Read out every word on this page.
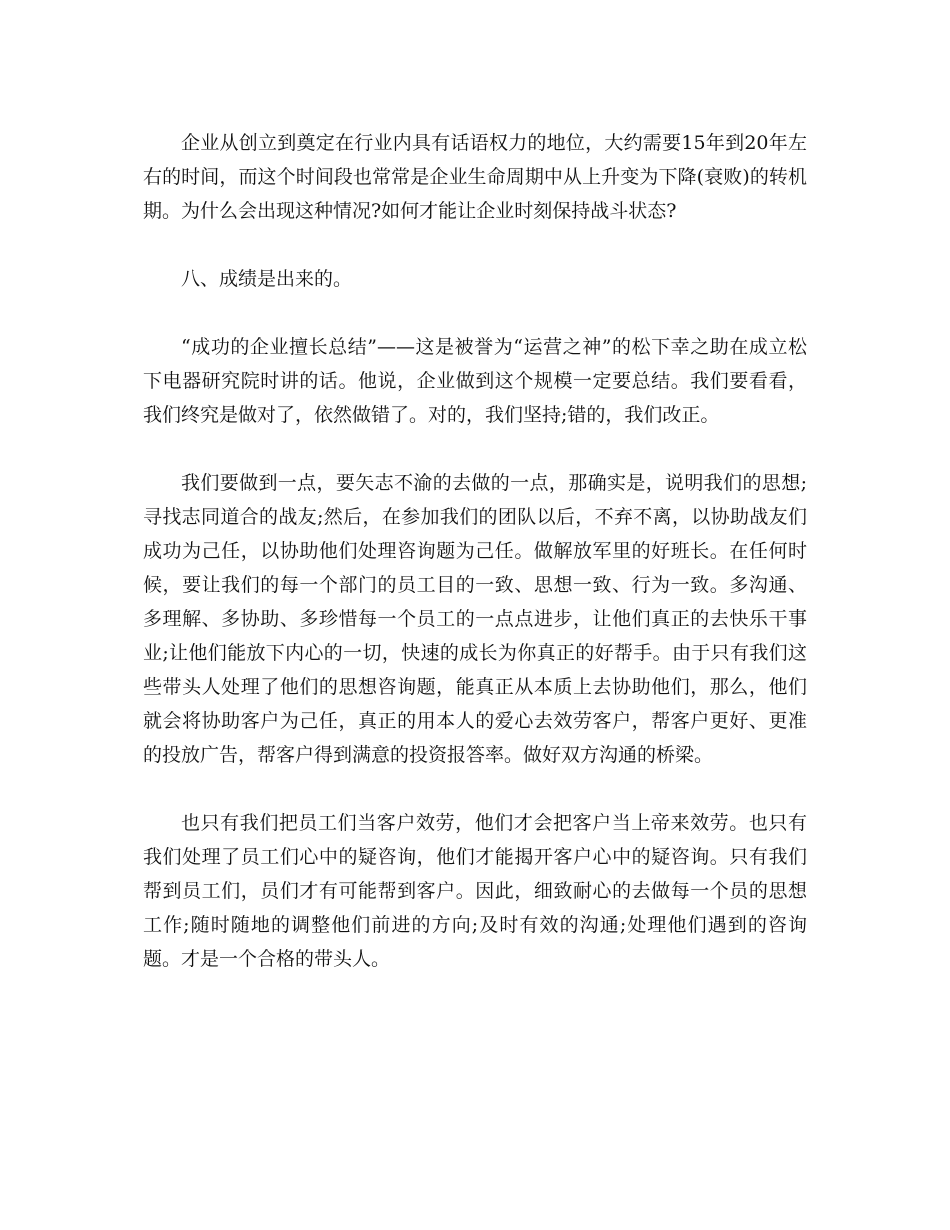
企业从创立到奠定在行业内具有话语权力的地位，大约需要15年到20年左右的时间，而这个时间段也常常是企业生命周期中从上升变为下降(衰败)的转机期。为什么会出现这种情况?如何才能让企业时刻保持战斗状态?

八、成绩是出来的。

“成功的企业擅长总结”——这是被誉为“运营之神”的松下幸之助在成立松下电器研究院时讲的话。他说，企业做到这个规模一定要总结。我们要看看，我们终究是做对了，依然做错了。对的，我们坚持;错的，我们改正。

我们要做到一点，要矢志不渝的去做的一点，那确实是，说明我们的思想;寻找志同道合的战友;然后，在参加我们的团队以后，不弃不离，以协助战友们成功为己任，以协助他们处理咨询题为己任。做解放军里的好班长。在任何时候，要让我们的每一个部门的员工目的一致、思想一致、行为一致。多沟通、多理解、多协助、多珍惜每一个员工的一点点进步，让他们真正的去快乐干事业;让他们能放下内心的一切，快速的成长为你真正的好帮手。由于只有我们这些带头人处理了他们的思想咨询题，能真正从本质上去协助他们，那么，他们就会将协助客户为己任，真正的用本人的爱心去效劳客户，帮客户更好、更准的投放广告，帮客户得到满意的投资报答率。做好双方沟通的桥梁。

也只有我们把员工们当客户效劳，他们才会把客户当上帝来效劳。也只有我们处理了员工们心中的疑咨询，他们才能揭开客户心中的疑咨询。只有我们帮到员工们，员们才有可能帮到客户。因此，细致耐心的去做每一个员的思想工作;随时随地的调整他们前进的方向;及时有效的沟通;处理他们遇到的咨询题。才是一个合格的带头人。
